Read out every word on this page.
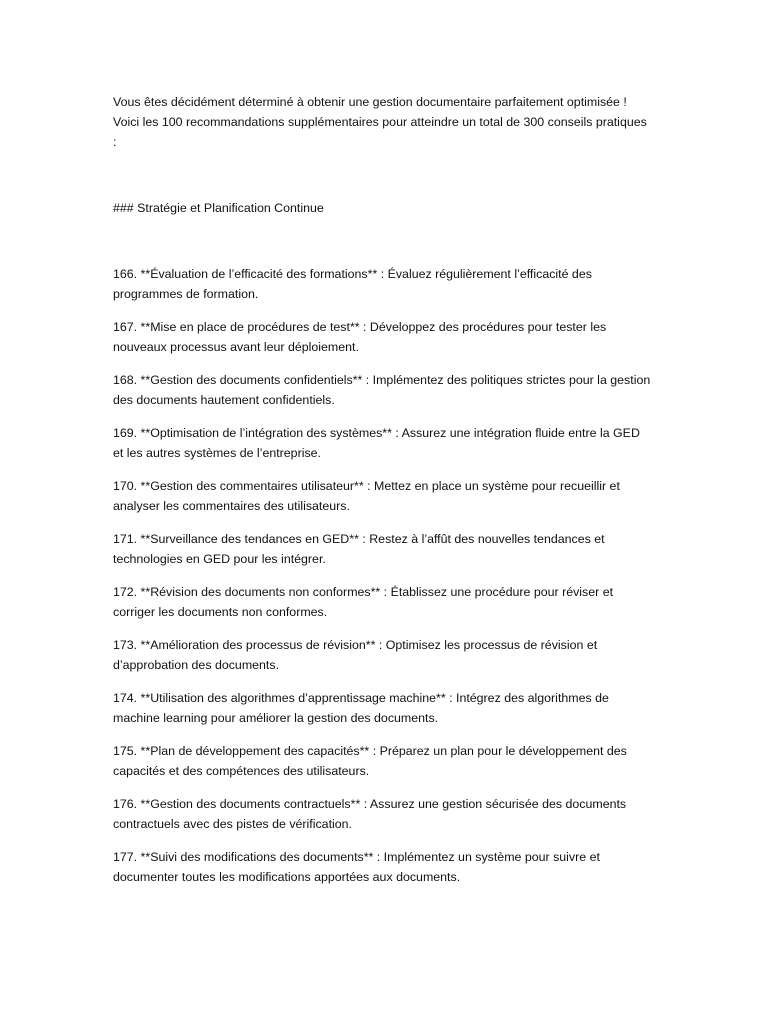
Vous êtes décidément déterminé à obtenir une gestion documentaire parfaitement optimisée ! Voici les 100 recommandations supplémentaires pour atteindre un total de 300 conseils pratiques :

### Stratégie et Planification Continue

166. **Évaluation de l’efficacité des formations** : Évaluez régulièrement l’efficacité des programmes de formation.

167. **Mise en place de procédures de test** : Développez des procédures pour tester les nouveaux processus avant leur déploiement.

168. **Gestion des documents confidentiels** : Implémentez des politiques strictes pour la gestion des documents hautement confidentiels.

169. **Optimisation de l’intégration des systèmes** : Assurez une intégration fluide entre la GED et les autres systèmes de l’entreprise.

170. **Gestion des commentaires utilisateur** : Mettez en place un système pour recueillir et analyser les commentaires des utilisateurs.

171. **Surveillance des tendances en GED** : Restez à l’affût des nouvelles tendances et technologies en GED pour les intégrer.

172. **Révision des documents non conformes** : Établissez une procédure pour réviser et corriger les documents non conformes.

173. **Amélioration des processus de révision** : Optimisez les processus de révision et d’approbation des documents.

174. **Utilisation des algorithmes d’apprentissage machine** : Intégrez des algorithmes de machine learning pour améliorer la gestion des documents.

175. **Plan de développement des capacités** : Préparez un plan pour le développement des capacités et des compétences des utilisateurs.

176. **Gestion des documents contractuels** : Assurez une gestion sécurisée des documents contractuels avec des pistes de vérification.

177. **Suivi des modifications des documents** : Implémentez un système pour suivre et documenter toutes les modifications apportées aux documents.
